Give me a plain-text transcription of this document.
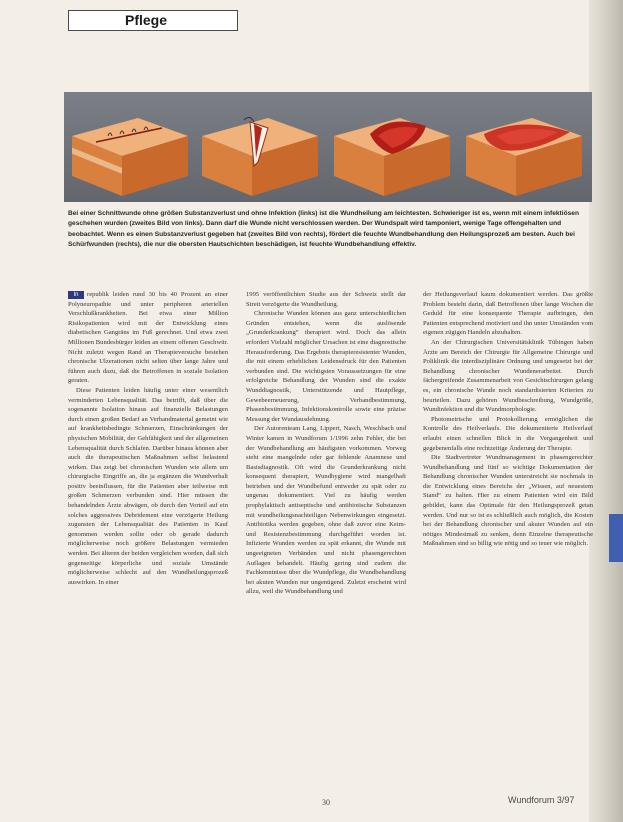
Pflege
Bei einer Schnittwunde ohne größen Substanzverlust und ohne Infektion (links) ist die Wundheilung am leichtesten. Schwieriger ist es, wenn mit einem infektiösen geschehen wurden (zweites Bild von links). Dann darf die Wunde nicht verschlossen werden. Der Wundspalt wird tamponiert, wenige Tage offengehalten und beobachtet. Wenn es einen Substanzverlust gegeben hat (zweites Bild von rechts), fördert die feuchte Wundbehandlung den Heilungsprozeß am besten. Auch bei Schürfwunden (rechts), die nur die obersten Hautschichten beschädigen, ist feuchte Wundbehandlung effektiv.

In republik leiden rund 30 bis 40 Prozent an einer Polyneuropathie und unter peripheren arteriellen Verschlußkrankheiten. Bei etwa einer Million Risikopatienten wird mit der Entwicklung eines diabetischen Gangräns im Fuß gerechnet. Und etwa zwei Millionen Bundesbürger leiden an einem offenen Geschwür. Nicht zuletzt wegen Rand an Therapieversuche bestehen chronische Ulzerationen nicht selten über lange Jahre und führen auch dazu, daß die Betroffenen in soziale Isolation geraten.

Diese Patienten leiden häufig unter einer wesentlich verminderten Lebensqualität. Das betrifft, daß über die sogenannte Isolation hinaus auf finanzielle Belastungen durch einen großen Bedarf an Verbandmaterial gemeint wie auf krankheitsbedingte Schmerzen, Einschränkungen der physischen Mobilität, der Gehfähigkeit und der allgemeinen Lebensqualität durch Schlafen. Darüber hinaus können aber auch die therapeutischen Maßnahmen selbst belastend wirken. Das zeigt bei chronischen Wunden wie allem um chirurgische Eingriffe an, die ja ergänzen die Wundverhalt positiv beeinflussen, für die Patienten aber teilweise mit großen Schmerzen verbunden sind. Hier müssen die behandelnden Ärzte abwägen, ob durch den Vorteil auf ein solches aggressives Debridement eine verzögerte Heilung zugunsten der Lebensqualität des Patienten in Kauf genommen werden sollte oder ob gerade dadurch möglicherweise noch größere Belastungen vermieden werden. Bei älteren der beiden vergleichen worden, daß sich gegenseitige körperliche und soziale Umstände möglicherweise schlecht auf den Wundheilungsprozeß auswirken. In einer

1995 veröffentlichten Studie aus der Schweiz stellt dar Streit verzögerte die Wundheilung.

Chronische Wunden können aus ganz unterschiedlichen Gründen entstehen, wenn die auslösende „Grunderkrankung“ therapiert wird. Doch das allein erfordert Vielzahl möglicher Ursachen ist eine diagnostische Herausforderung. Das Ergebnis therapieresistenter Wunden, die mit einem erheblichen Leidensdruck für den Patienten verbunden sind. Die wichtigsten Voraussetzungen für eine erfolgreiche Behandlung der Wunden sind die exakte Wunddiagnostik, Unterstützende und Hautpflege, Gewebeerneuerung, Verbandbestimmung, Phasenbestimmung, Infektionskontrolle sowie eine präzise Messung der Wundausdehnung.

Der Autorenteam Lang, Lippert, Nasch, Weschbach und Winter kamen in Wundforum 1/1996 zehn Fehler, die bei der Wundbehandlung am häufigsten vorkommen. Vorweg steht eine mangelnde oder gar fehlende Anamnese und Basisdiagnostik. Oft wird die Grunderkrankung nicht konsequent therapiert, Wundhygiene wird mangelhaft betrieben und der Wundbefund entweder zu spät oder zu ungenau dokumentiert. Viel zu häufig werden prophylaktisch antiseptische und antibiotische Substanzen mit wundheilungsnachteiligen Nebenwirkungen eingesetzt. Antibiotika werden gegeben, ohne daß zuvor eine Keim- und Resistenzbestimmung durchgeführt worden ist. Infizierte Wunden werden zu spät erkannt, die Wunde mit ungeeigneten Verbänden und nicht phasengerechten Auflagen behandelt. Häufig gering sind zudem die Fachkenntnisse über die Wundpflege, die Wundbehandlung bei akuten Wunden nur ungenügend. Zuletzt erscheint wird allzu, weil die Wundbehandlung und

der Heilungsverlauf kaum dokumentiert werden. Das größte Problem besteht darin, daß Betroffenen über lange Wochen die Geduld für eine konsequente Therapie aufbringen, den Patienten entsprechend motiviert und ihn unter Umständen vom eigenen zügigen Handeln abzuhalten.

An der Chirurgischen Universitätsklinik Tübingen haben Ärzte am Bereich der Chirurgie für Allgemeine Chirurgie und Poliklinik die interdisziplinäre Ordnung und umgesetzt bei der Behandlung chronischer Wundenerarbeitet. Durch fächergreifende Zusammenarbeit von Gesichtschirurgen gelang es, ein chronische Wunde noch standardisierten Kriterien zu beurteilen. Dazu gehören Wundbeschreibung, Wundgröße, Wundinfektion und die Wundmorphologie.

Photometrische und Protokollierung ermöglichen die Kontrolle des Heilverlaufs. Die dokumentierte Heilverlauf erlaubt einen schnellen Blick in die Vergangenheit und gegebenenfalls eine rechtzeitige Änderung der Therapie.

Die Stadtvertreter Wundmanagement in phasengerechter Wundbehandlung und fünf so wichtige Dokumentation der Behandlung chronischer Wunden unterstreicht sie nochmals in die Entwicklung eines Bereichs der „Wissen, auf neuestem Stand“ zu halten. Hier zu einem Patienten wird ein Bild gebildet, kann das Optimale für den Heilungsprozeß getan werden. Und nur so ist es schließlich auch möglich, die Kosten bei der Behandlung chronischer und akuter Wunden auf ein nötiges Mindestmaß zu senken, denn Einzelne therapeutische Maßnahmen sind so billig wie nötig und so teuer wie möglich.

30	Wundforum 3/97
